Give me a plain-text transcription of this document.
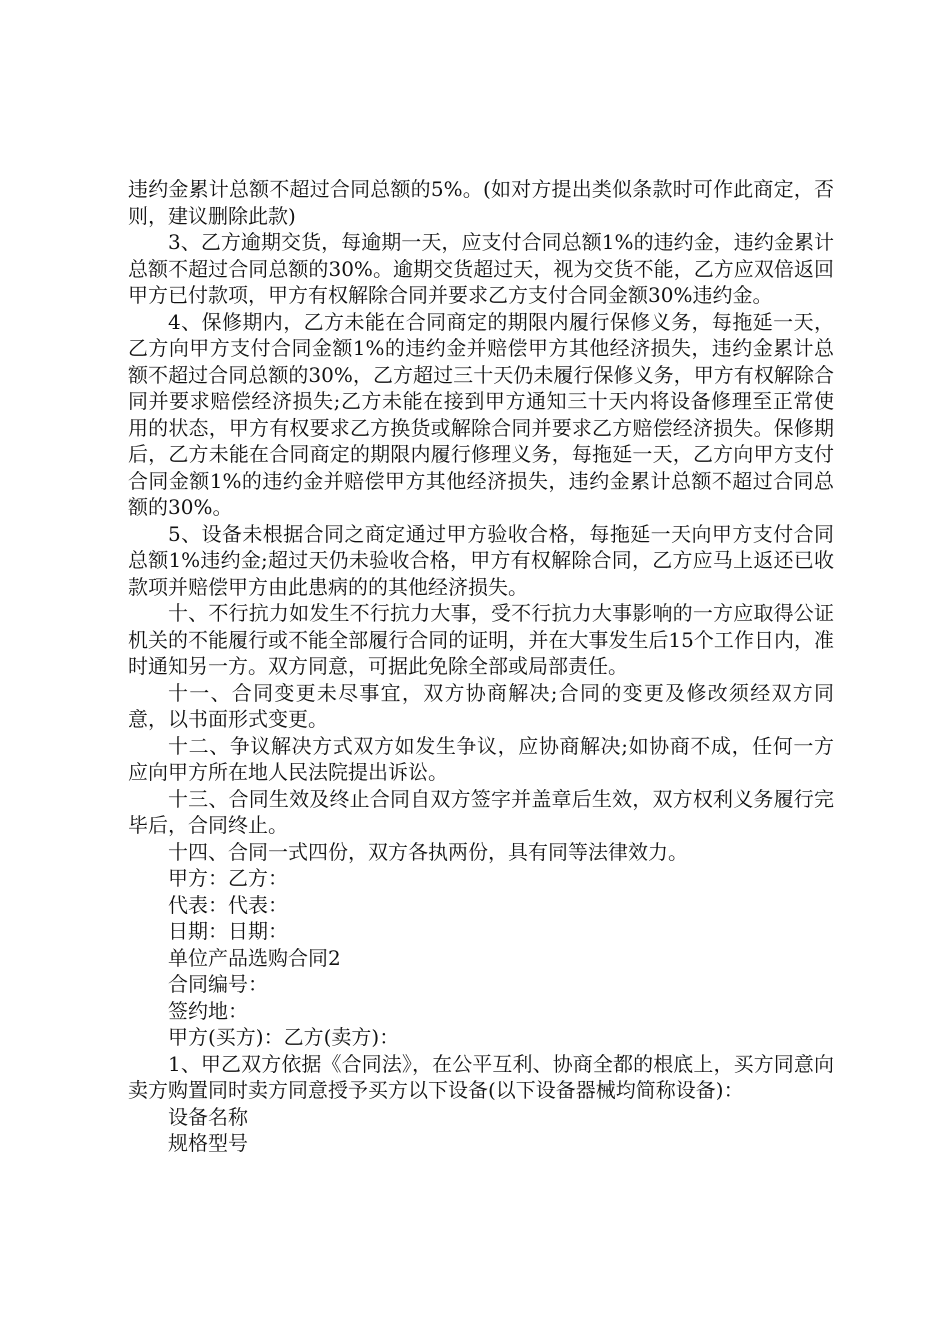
违约金累计总额不超过合同总额的5%。(如对方提出类似条款时可作此商定，否则，建议删除此款)

3、乙方逾期交货，每逾期一天，应支付合同总额1%的违约金，违约金累计总额不超过合同总额的30%。逾期交货超过天，视为交货不能，乙方应双倍返回甲方已付款项，甲方有权解除合同并要求乙方支付合同金额30%违约金。

4、保修期内，乙方未能在合同商定的期限内履行保修义务，每拖延一天，乙方向甲方支付合同金额1%的违约金并赔偿甲方其他经济损失，违约金累计总额不超过合同总额的30%，乙方超过三十天仍未履行保修义务，甲方有权解除合同并要求赔偿经济损失;乙方未能在接到甲方通知三十天内将设备修理至正常使用的状态，甲方有权要求乙方换货或解除合同并要求乙方赔偿经济损失。保修期后，乙方未能在合同商定的期限内履行修理义务，每拖延一天，乙方向甲方支付合同金额1%的违约金并赔偿甲方其他经济损失，违约金累计总额不超过合同总额的30%。

5、设备未根据合同之商定通过甲方验收合格，每拖延一天向甲方支付合同总额1%违约金;超过天仍未验收合格，甲方有权解除合同，乙方应马上返还已收款项并赔偿甲方由此患病的的其他经济损失。

十、不行抗力如发生不行抗力大事，受不行抗力大事影响的一方应取得公证机关的不能履行或不能全部履行合同的证明，并在大事发生后15个工作日内，准时通知另一方。双方同意，可据此免除全部或局部责任。

十一、合同变更未尽事宜，双方协商解决;合同的变更及修改须经双方同意，以书面形式变更。

十二、争议解决方式双方如发生争议，应协商解决;如协商不成，任何一方应向甲方所在地人民法院提出诉讼。

十三、合同生效及终止合同自双方签字并盖章后生效，双方权利义务履行完毕后，合同终止。

十四、合同一式四份，双方各执两份，具有同等法律效力。

甲方：乙方：

代表：代表：

日期：日期：

单位产品选购合同2

合同编号：

签约地：

甲方(买方)：乙方(卖方)：

1、甲乙双方依据《合同法》，在公平互利、协商全都的根底上，买方同意向卖方购置同时卖方同意授予买方以下设备(以下设备器械均简称设备)：

设备名称

规格型号
